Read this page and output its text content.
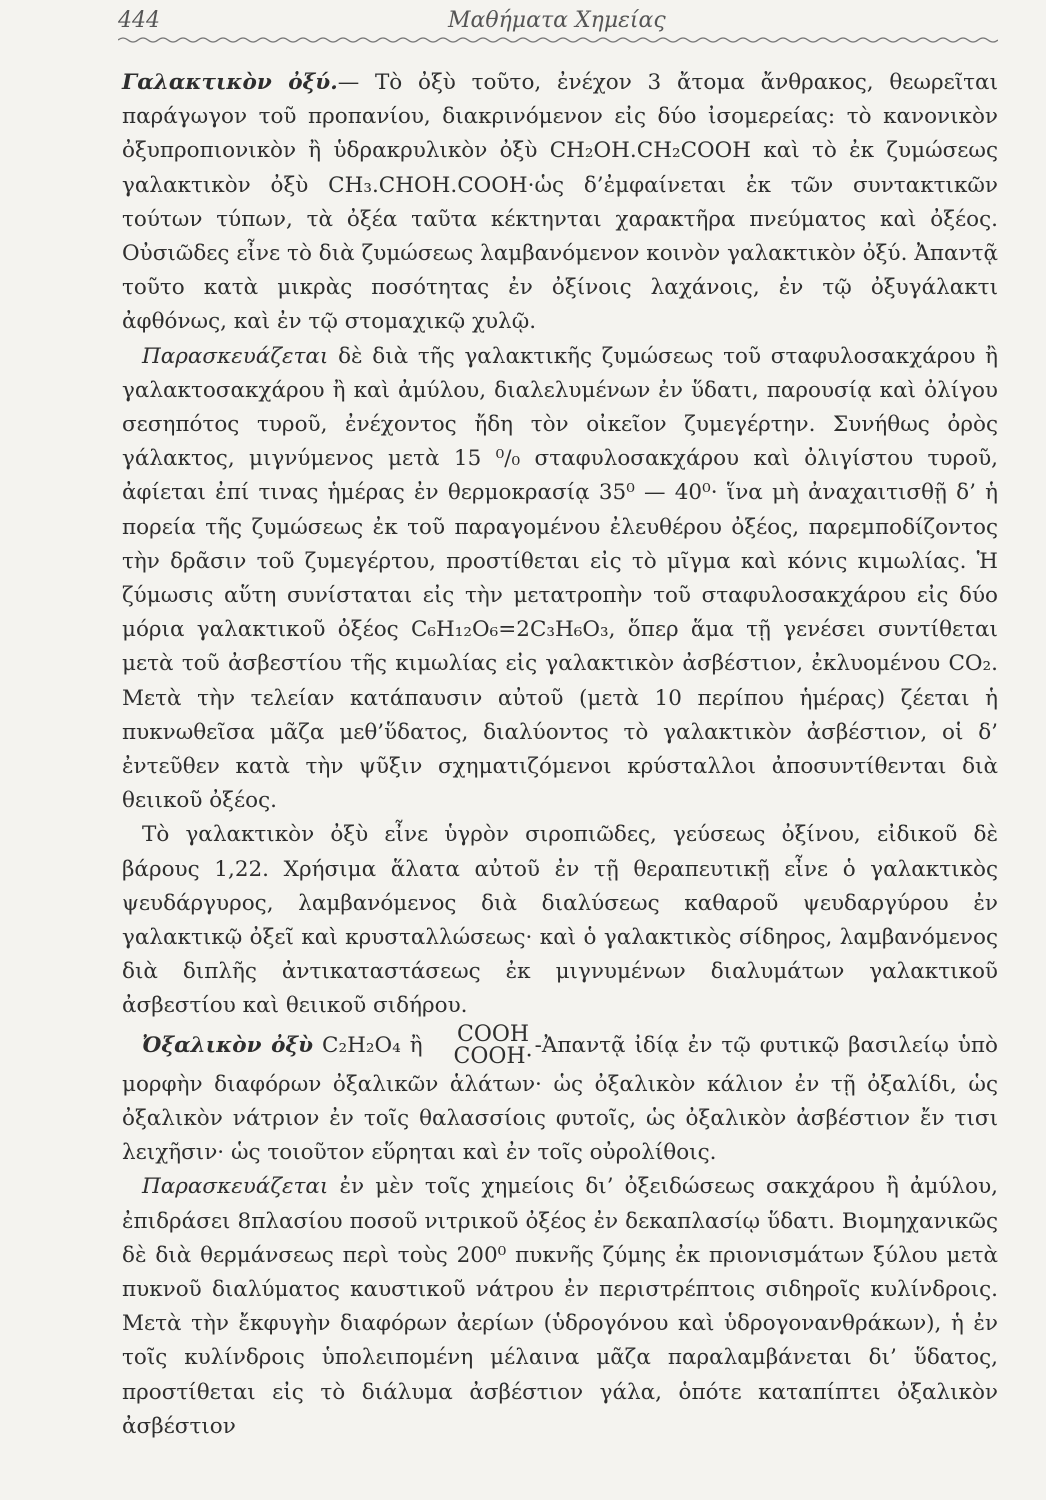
444	Μαθήματα Χημείας

Γαλακτικὸν ὀξύ.— Τὸ ὀξὺ τοῦτο, ἐνέχον 3 ἄτομα ἄνθρακος, θεωρεῖται παράγωγον τοῦ προπανίου, διακρινόμενον εἰς δύο ἰσομερείας: τὸ κανονικὸν ὀξυπροπιονικὸν ἢ ὑδρακρυλικὸν ὀξὺ CH₂OH.CH₂COOH καὶ τὸ ἐκ ζυμώσεως γαλακτικὸν ὀξὺ CH₃.CHOH.COOH·ὡς δ’ἐμφαίνεται ἐκ τῶν συντακτικῶν τούτων τύπων, τὰ ὀξέα ταῦτα κέκτηνται χαρακτῆρα πνεύματος καὶ ὀξέος. Οὐσιῶδες εἶνε τὸ διὰ ζυμώσεως λαμβανόμενον κοινὸν γαλακτικὸν ὀξύ. Ἀπαντᾷ τοῦτο κατὰ μικρὰς ποσότητας ἐν ὀξίνοις λαχάνοις, ἐν τῷ ὀξυγάλακτι ἀφθόνως, καὶ ἐν τῷ στομαχικῷ χυλῷ.

Παρασκευάζεται δὲ διὰ τῆς γαλακτικῆς ζυμώσεως τοῦ σταφυλοσακχάρου ἢ γαλακτοσακχάρου ἢ καὶ ἀμύλου, διαλελυμένων ἐν ὕδατι, παρουσίᾳ καὶ ὀλίγου σεσηπότος τυροῦ, ἐνέχοντος ἤδη τὸν οἰκεῖον ζυμεγέρτην. Συνήθως ὀρὸς γάλακτος, μιγνύμενος μετὰ 15 ⁰/₀ σταφυλοσακχάρου καὶ ὀλιγίστου τυροῦ, ἀφίεται ἐπί τινας ἡμέρας ἐν θερμοκρασίᾳ 35⁰ — 40⁰· ἵνα μὴ ἀναχαιτισθῇ δ’ ἡ πορεία τῆς ζυμώσεως ἐκ τοῦ παραγομένου ἐλευθέρου ὀξέος, παρεμποδίζοντος τὴν δρᾶσιν τοῦ ζυμεγέρτου, προστίθεται εἰς τὸ μῖγμα καὶ κόνις κιμωλίας. Ἡ ζύμωσις αὕτη συνίσταται εἰς τὴν μετατροπὴν τοῦ σταφυλοσακχάρου εἰς δύο μόρια γαλακτικοῦ ὀξέος C₆H₁₂O₆=2C₃H₆O₃, ὅπερ ἅμα τῇ γενέσει συντίθεται μετὰ τοῦ ἀσβεστίου τῆς κιμωλίας εἰς γαλακτικὸν ἀσβέστιον, ἐκλυομένου CO₂. Μετὰ τὴν τελείαν κατάπαυσιν αὐτοῦ (μετὰ 10 περίπου ἡμέρας) ζέεται ἡ πυκνωθεῖσα μᾶζα μεθ’ὕδατος, διαλύοντος τὸ γαλακτικὸν ἀσβέστιον, οἱ δ’ ἐντεῦθεν κατὰ τὴν ψῦξιν σχηματιζόμενοι κρύσταλλοι ἀποσυντίθενται διὰ θειικοῦ ὀξέος.

Τὸ γαλακτικὸν ὀξὺ εἶνε ὑγρὸν σιροπιῶδες, γεύσεως ὀξίνου, εἰδικοῦ δὲ βάρους 1,22. Χρήσιμα ἅλατα αὐτοῦ ἐν τῇ θεραπευτικῇ εἶνε ὁ γαλακτικὸς ψευδάργυρος, λαμβανόμενος διὰ διαλύσεως καθαροῦ ψευδαργύρου ἐν γαλακτικῷ ὀξεῖ καὶ κρυσταλλώσεως· καὶ ὁ γαλακτικὸς σίδηρος, λαμβανόμενος διὰ διπλῆς ἀντικαταστάσεως ἐκ μιγνυμένων διαλυμάτων γαλακτικοῦ ἀσβεστίου καὶ θειικοῦ σιδήρου.

Ὀξαλικὸν ὀξὺ C₂H₂O₄ ἢ	COOH
COOH· -Ἀπαντᾷ ἰδίᾳ ἐν τῷ φυτικῷ βασιλείῳ ὑπὸ μορφὴν διαφόρων ὀξαλικῶν ἁλάτων· ὡς ὀξαλικὸν κάλιον ἐν τῇ ὀξαλίδι, ὡς ὀξαλικὸν νάτριον ἐν τοῖς θαλασσίοις φυτοῖς, ὡς ὀξαλικὸν ἀσβέστιον ἔν τισι λειχῆσιν· ὡς τοιοῦτον εὕρηται καὶ ἐν τοῖς οὐρολίθοις.

Παρασκευάζεται ἐν μὲν τοῖς χημείοις δι’ ὀξειδώσεως σακχάρου ἢ ἀμύλου, ἐπιδράσει 8πλασίου ποσοῦ νιτρικοῦ ὀξέος ἐν δεκαπλασίῳ ὕδατι. Βιομηχανικῶς δὲ διὰ θερμάνσεως περὶ τοὺς 200⁰ πυκνῆς ζύμης ἐκ πριονισμάτων ξύλου μετὰ πυκνοῦ διαλύματος καυστικοῦ νάτρου ἐν περιστρέπτοις σιδηροῖς κυλίνδροις. Μετὰ τὴν ἔκφυγὴν διαφόρων ἀερίων (ὑδρογόνου καὶ ὑδρογονανθράκων), ἡ ἐν τοῖς κυλίνδροις ὑπολειπομένη μέλαινα μᾶζα παραλαμβάνεται δι’ ὕδατος, προστίθεται εἰς τὸ διάλυμα ἀσβέστιον γάλα, ὁπότε καταπίπτει ὀξαλικὸν ἀσβέστιον
